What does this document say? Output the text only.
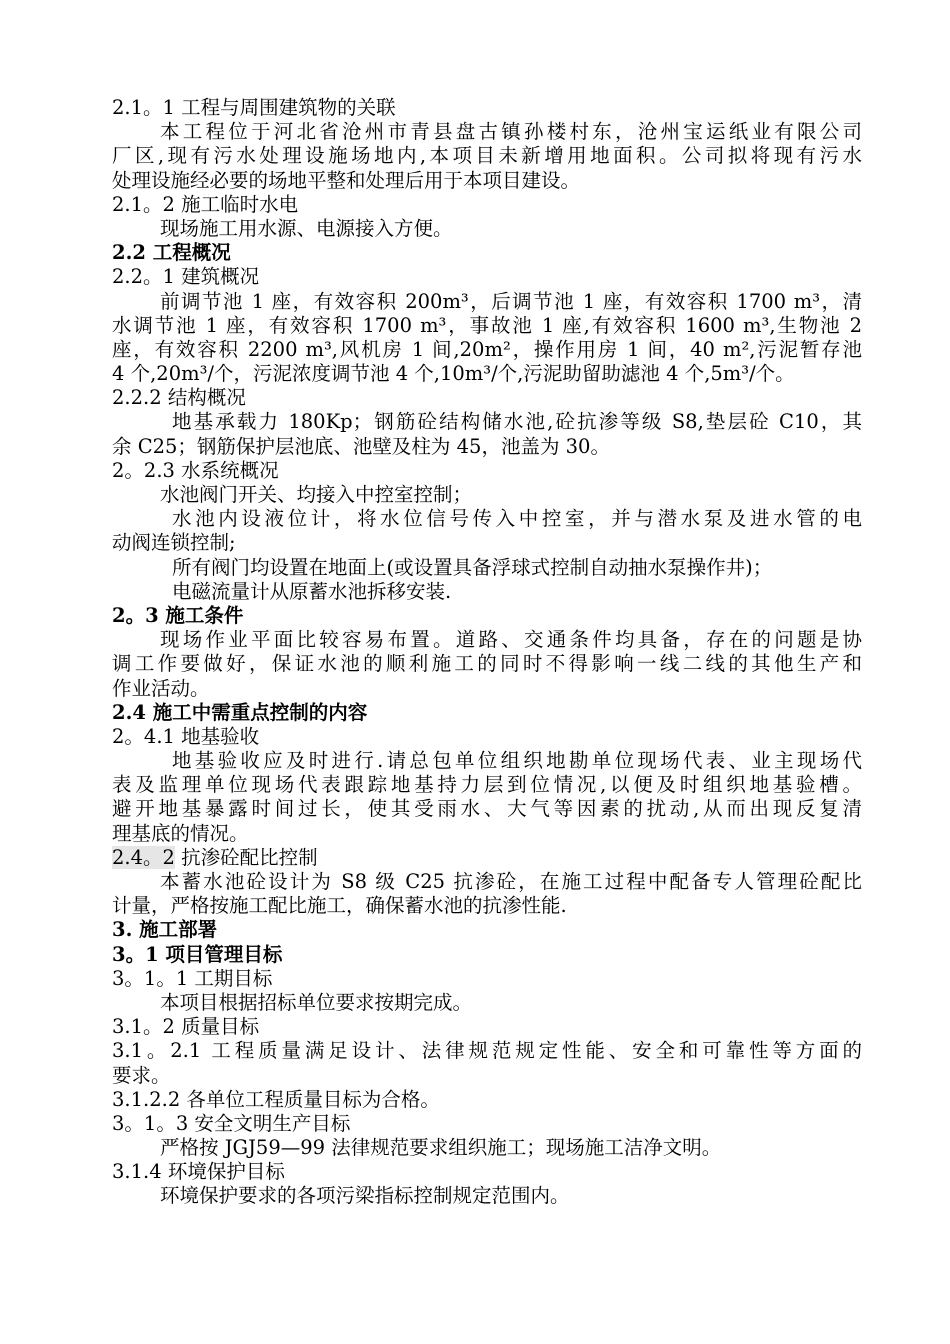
2.1。1 工程与周围建筑物的关联
本工程位于河北省沧州市青县盘古镇孙楼村东，沧州宝运纸业有限公司
厂区,现有污水处理设施场地内,本项目未新增用地面积。公司拟将现有污水
处理设施经必要的场地平整和处理后用于本项目建设。
2.1。2 施工临时水电
现场施工用水源、电源接入方便。
2.2 工程概况
2.2。1 建筑概况
前调节池 1 座，有效容积 200m³，后调节池 1 座，有效容积 1700 m³，清
水调节池 1 座，有效容积 1700 m³，事故池 1 座,有效容积 1600 m³,生物池 2
座，有效容积 2200 m³,风机房 1 间,20m²，操作用房 1 间，40 m²,污泥暂存池
4 个,20m³/个，污泥浓度调节池 4 个,10m³/个,污泥助留助滤池 4 个,5m³/个。
2.2.2 结构概况
地基承载力 180Kp；钢筋砼结构储水池,砼抗渗等级 S8,垫层砼 C10，其
余 C25；钢筋保护层池底、池壁及柱为 45，池盖为 30。
2。2.3 水系统概况
水池阀门开关、均接入中控室控制；
水池内设液位计，将水位信号传入中控室，并与潜水泵及进水管的电
动阀连锁控制;
所有阀门均设置在地面上(或设置具备浮球式控制自动抽水泵操作井)；
电磁流量计从原蓄水池拆移安装.
2。3 施工条件
现场作业平面比较容易布置。道路、交通条件均具备，存在的问题是协
调工作要做好，保证水池的顺利施工的同时不得影响一线二线的其他生产和
作业活动。
2.4 施工中需重点控制的内容
2。4.1 地基验收
地基验收应及时进行.请总包单位组织地勘单位现场代表、业主现场代
表及监理单位现场代表跟踪地基持力层到位情况,以便及时组织地基验槽。
避开地基暴露时间过长，使其受雨水、大气等因素的扰动,从而出现反复清
理基底的情况。
2.4。2 抗渗砼配比控制
本蓄水池砼设计为 S8 级 C25 抗渗砼，在施工过程中配备专人管理砼配比
计量，严格按施工配比施工，确保蓄水池的抗渗性能.
3. 施工部署
3。1 项目管理目标
3。1。1 工期目标
本项目根据招标单位要求按期完成。
3.1。2 质量目标
3.1。2.1 工程质量满足设计、法律规范规定性能、安全和可靠性等方面的
要求。
3.1.2.2 各单位工程质量目标为合格。
3。1。3 安全文明生产目标
严格按 JGJ59—99 法律规范要求组织施工；现场施工洁净文明。
3.1.4 环境保护目标
环境保护要求的各项污梁指标控制规定范围内。
